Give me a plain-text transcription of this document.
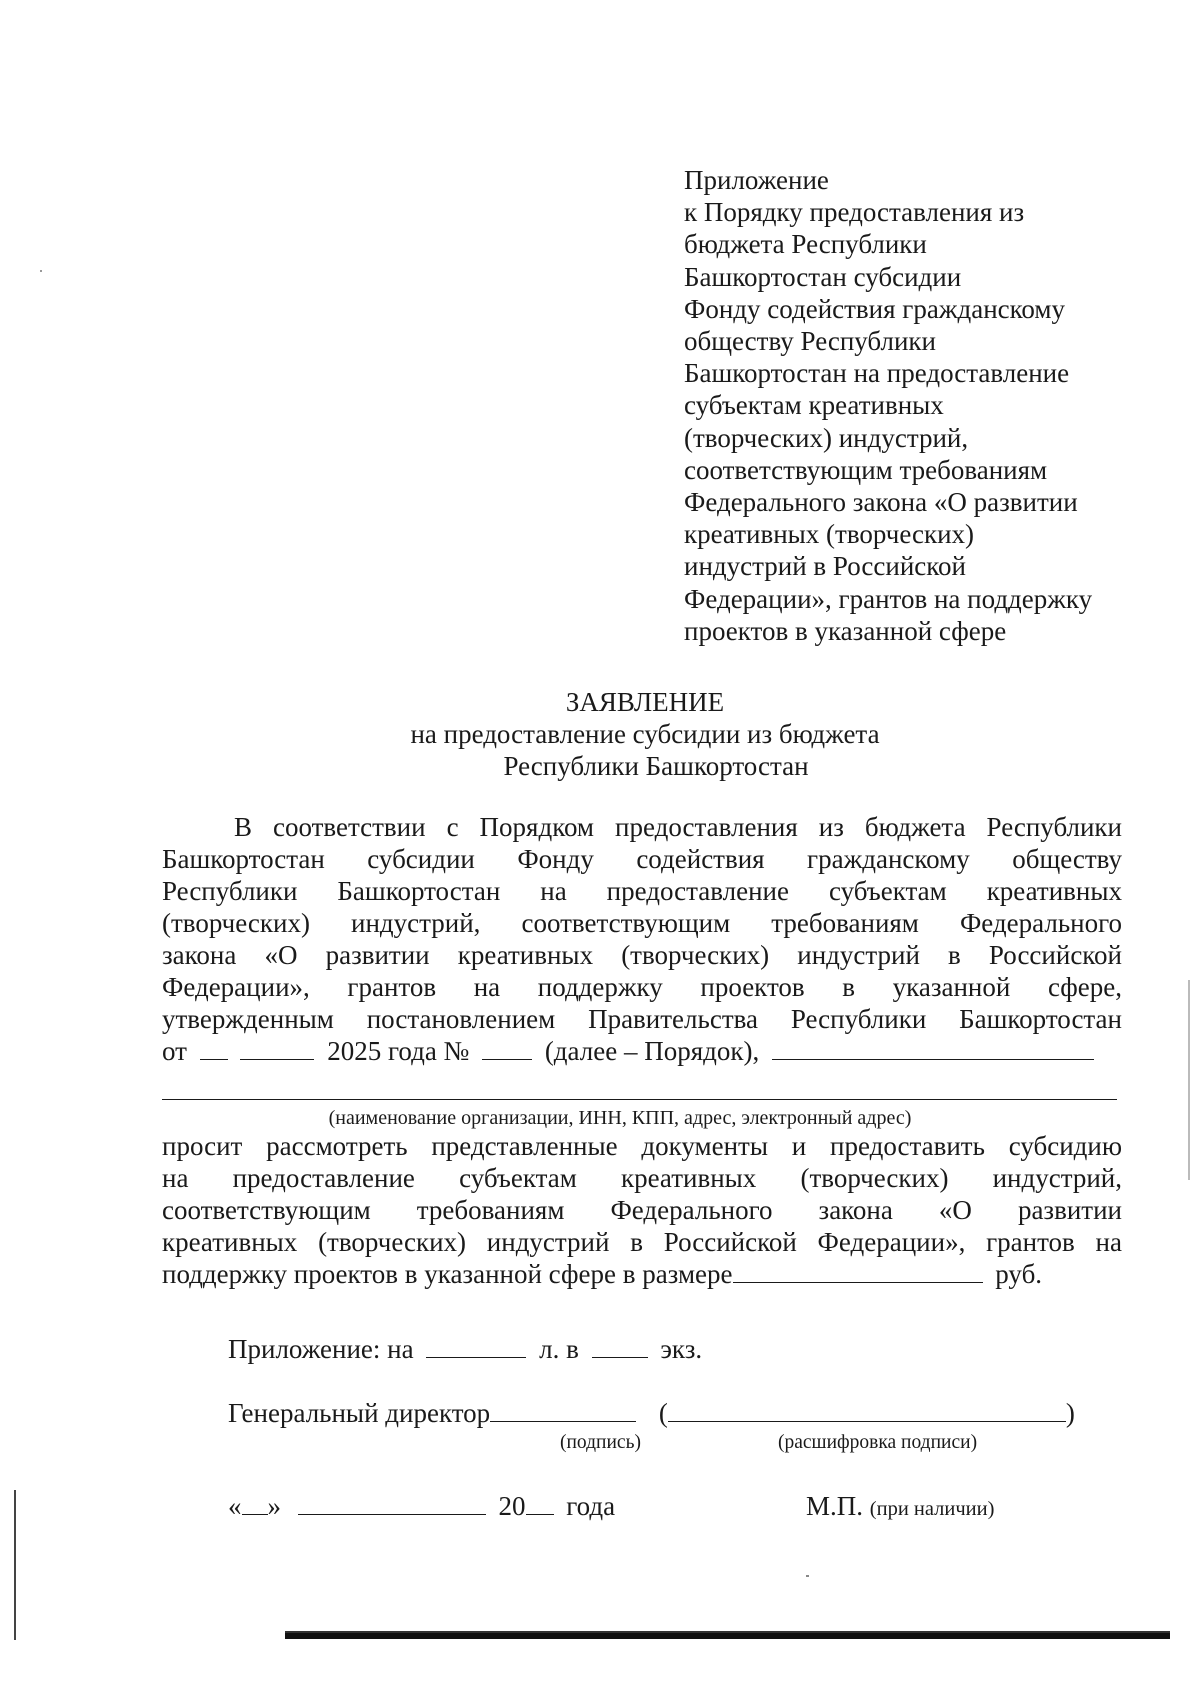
Приложение
к Порядку предоставления из
бюджета Республики
Башкортостан субсидии
Фонду содействия гражданскому
обществу Республики
Башкортостан на предоставление
субъектам креативных
(творческих) индустрий,
соответствующим требованиям
Федерального закона «О развитии
креативных (творческих)
индустрий в Российской
Федерации», грантов на поддержку
проектов в указанной сфере
ЗАЯВЛЕНИЕ
на предоставление субсидии из бюджета
Республики Башкортостан
В соответствии с Порядком предоставления из бюджета Республики
Башкортостан субсидии Фонду содействия гражданскому обществу
Республики Башкортостан на предоставление субъектам креативных
(творческих) индустрий, соответствующим требованиям Федерального
закона «О развитии креативных (творческих) индустрий в Российской
Федерации», грантов на поддержку проектов в указанной сфере,
утвержденным постановлением Правительства Республики Башкортостан
от	2025 года №	(далее – Порядок),
(наименование организации, ИНН, КПП, адрес, электронный адрес)
просит рассмотреть представленные документы и предоставить субсидию
на предоставление субъектам креативных (творческих) индустрий,
соответствующим требованиям Федерального закона «О развитии
креативных (творческих) индустрий в Российской Федерации», грантов на
поддержку проектов в указанной сфере в размере	руб.
Приложение: на	л. в	экз.
Генеральный директор	(	)
(подпись)	(расшифровка подписи)
« »	20 года	М.П. (при наличии)
